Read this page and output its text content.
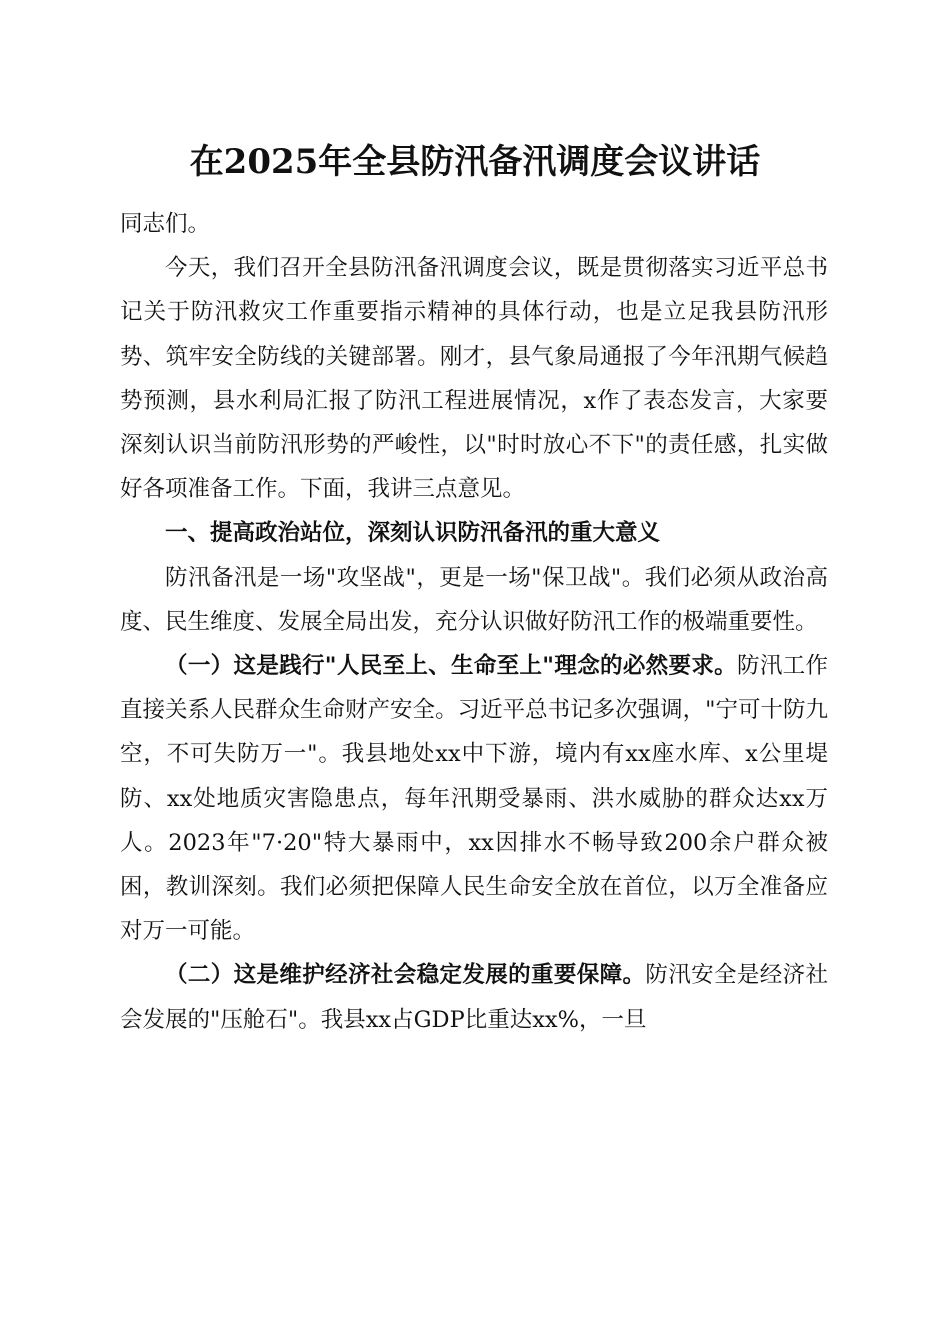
在2025年全县防汛备汛调度会议讲话

同志们。

今天，我们召开全县防汛备汛调度会议，既是贯彻落实习近平总书记关于防汛救灾工作重要指示精神的具体行动，也是立足我县防汛形势、筑牢安全防线的关键部署。刚才，县气象局通报了今年汛期气候趋势预测，县水利局汇报了防汛工程进展情况，x作了表态发言，大家要深刻认识当前防汛形势的严峻性，以"时时放心不下"的责任感，扎实做好各项准备工作。下面，我讲三点意见。

一、提高政治站位，深刻认识防汛备汛的重大意义

防汛备汛是一场"攻坚战"，更是一场"保卫战"。我们必须从政治高度、民生维度、发展全局出发，充分认识做好防汛工作的极端重要性。

（一）这是践行"人民至上、生命至上"理念的必然要求。防汛工作直接关系人民群众生命财产安全。习近平总书记多次强调，"宁可十防九空，不可失防万一"。我县地处xx中下游，境内有xx座水库、x公里堤防、xx处地质灾害隐患点，每年汛期受暴雨、洪水威胁的群众达xx万人。2023年"7·20"特大暴雨中，xx因排水不畅导致200余户群众被困，教训深刻。我们必须把保障人民生命安全放在首位，以万全准备应对万一可能。

（二）这是维护经济社会稳定发展的重要保障。防汛安全是经济社会发展的"压舱石"。我县xx占GDP比重达xx%，一旦
